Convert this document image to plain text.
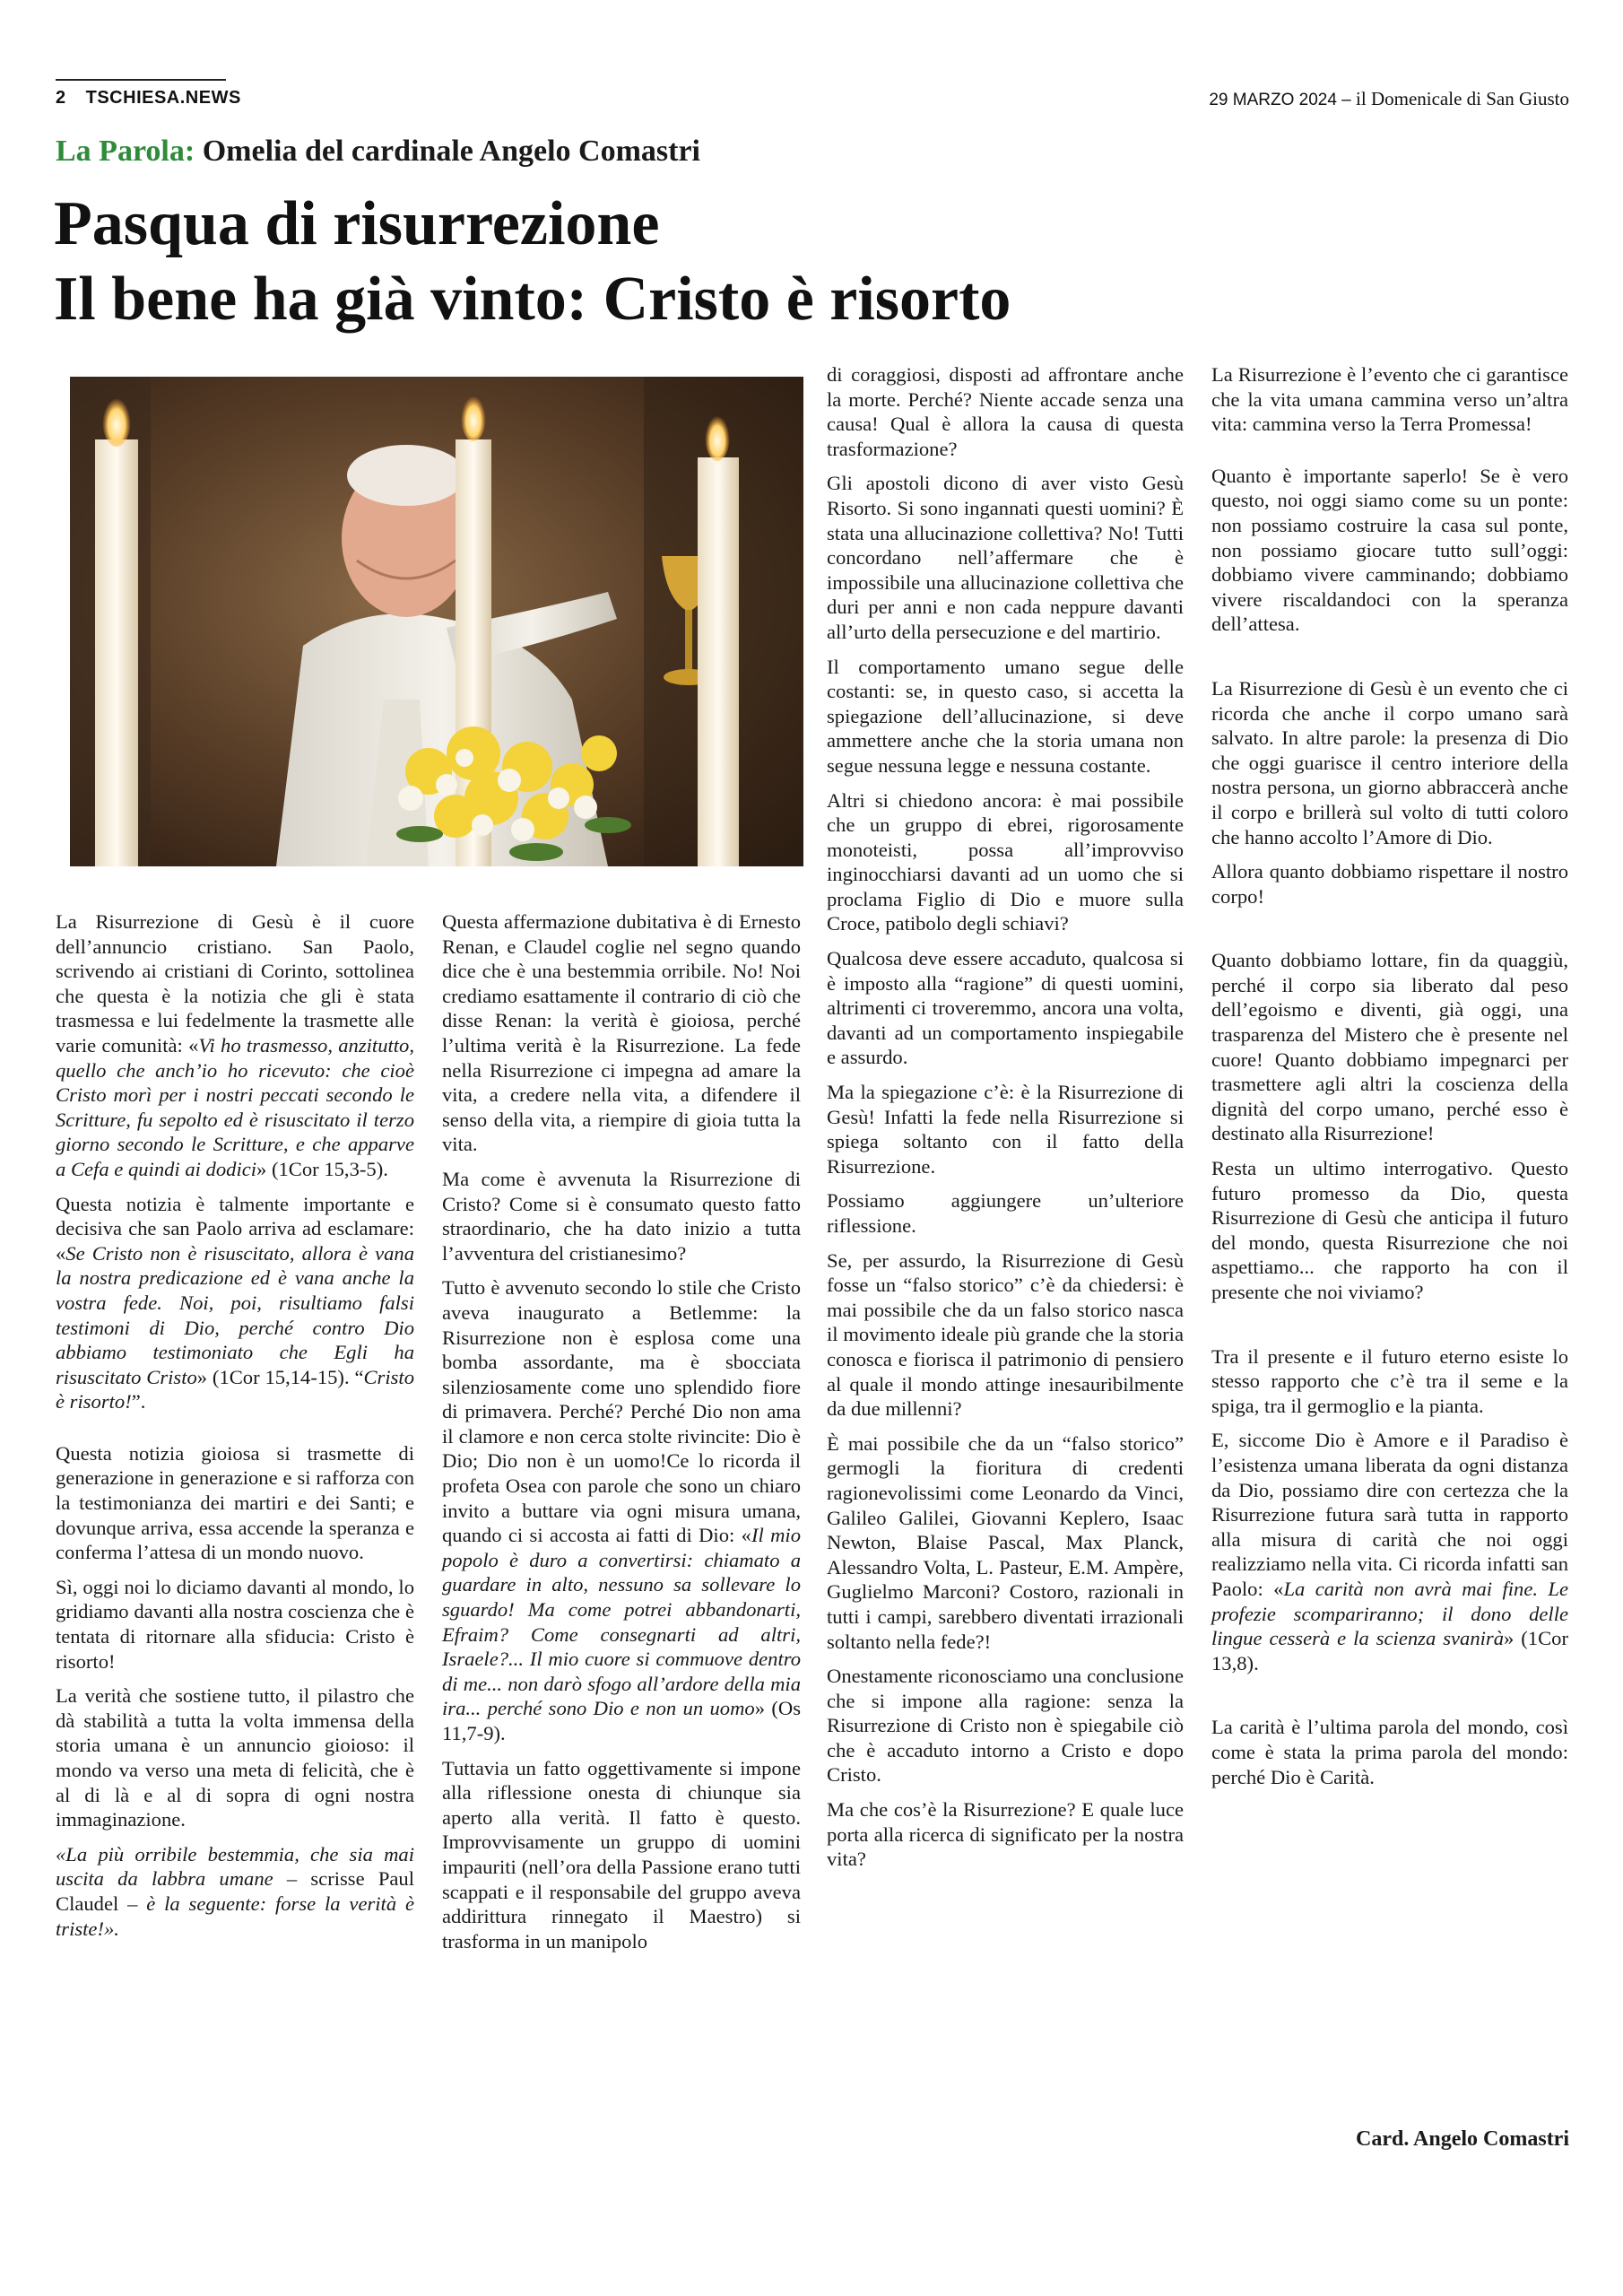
2 TSCHIESA.NEWS	29 MARZO 2024 – il Domenicale di San Giusto
La Parola: Omelia del cardinale Angelo Comastri
Pasqua di risurrezione
Il bene ha già vinto: Cristo è risorto

La Risurrezione di Gesù è il cuore dell’annuncio cristiano. San Paolo, scrivendo ai cristiani di Corinto, sottolinea che questa è la notizia che gli è stata trasmessa e lui fedelmente la trasmette alle varie comunità: «Vi ho trasmesso, anzitutto, quello che anch’io ho ricevuto: che cioè Cristo morì per i nostri peccati secondo le Scritture, fu sepolto ed è risuscitato il terzo giorno secondo le Scritture, e che apparve a Cefa e quindi ai dodici» (1Cor 15,3-5).

Questa notizia è talmente importante e decisiva che san Paolo arriva ad esclamare: «Se Cristo non è risuscitato, allora è vana la nostra predicazione ed è vana anche la vostra fede. Noi, poi, risultiamo falsi testimoni di Dio, perché contro Dio abbiamo testimoniato che Egli ha risuscitato Cristo» (1Cor 15,14-15). “Cristo è risorto!”.

Questa notizia gioiosa si trasmette di generazione in generazione e si rafforza con la testimonianza dei martiri e dei Santi; e dovunque arriva, essa accende la speranza e conferma l’attesa di un mondo nuovo.

Sì, oggi noi lo diciamo davanti al mondo, lo gridiamo davanti alla nostra coscienza che è tentata di ritornare alla sfiducia: Cristo è risorto!

La verità che sostiene tutto, il pilastro che dà stabilità a tutta la volta immensa della storia umana è un annuncio gioioso: il mondo va verso una meta di felicità, che è al di là e al di sopra di ogni nostra immaginazione.

«La più orribile bestemmia, che sia mai uscita da labbra umane – scrisse Paul Claudel – è la seguente: forse la verità è triste!».

Questa affermazione dubitativa è di Ernesto Renan, e Claudel coglie nel segno quando dice che è una bestemmia orribile. No! Noi crediamo esattamente il contrario di ciò che disse Renan: la verità è gioiosa, perché l’ultima verità è la Risurrezione. La fede nella Risurrezione ci impegna ad amare la vita, a credere nella vita, a difendere il senso della vita, a riempire di gioia tutta la vita.

Ma come è avvenuta la Risurrezione di Cristo? Come si è consumato questo fatto straordinario, che ha dato inizio a tutta l’avventura del cristianesimo?

Tutto è avvenuto secondo lo stile che Cristo aveva inaugurato a Betlemme: la Risurrezione non è esplosa come una bomba assordante, ma è sbocciata silenziosamente come uno splendido fiore di primavera. Perché? Perché Dio non ama il clamore e non cerca stolte rivincite: Dio è Dio; Dio non è un uomo!Ce lo ricorda il profeta Osea con parole che sono un chiaro invito a buttare via ogni misura umana, quando ci si accosta ai fatti di Dio: «Il mio popolo è duro a convertirsi: chiamato a guardare in alto, nessuno sa sollevare lo sguardo! Ma come potrei abbandonarti, Efraim? Come consegnarti ad altri, Israele?... Il mio cuore si commuove dentro di me... non darò sfogo all’ardore della mia ira... perché sono Dio e non un uomo» (Os 11,7-9).

Tuttavia un fatto oggettivamente si impone alla riflessione onesta di chiunque sia aperto alla verità. Il fatto è questo. Improvvisamente un gruppo di uomini impauriti (nell’ora della Passione erano tutti scappati e il responsabile del gruppo aveva addirittura rinnegato il Maestro) si trasforma in un manipolo

di coraggiosi, disposti ad affrontare anche la morte. Perché? Niente accade senza una causa! Qual è allora la causa di questa trasformazione?

Gli apostoli dicono di aver visto Gesù Risorto. Si sono ingannati questi uomini? È stata una allucinazione collettiva? No! Tutti concordano nell’affermare che è impossibile una allucinazione collettiva che duri per anni e non cada neppure davanti all’urto della persecuzione e del martirio.

Il comportamento umano segue delle costanti: se, in questo caso, si accetta la spiegazione dell’allucinazione, si deve ammettere anche che la storia umana non segue nessuna legge e nessuna costante.

Altri si chiedono ancora: è mai possibile che un gruppo di ebrei, rigorosamente monoteisti, possa all’improvviso inginocchiarsi davanti ad un uomo che si proclama Figlio di Dio e muore sulla Croce, patibolo degli schiavi?

Qualcosa deve essere accaduto, qualcosa si è imposto alla “ragione” di questi uomini, altrimenti ci troveremmo, ancora una volta, davanti ad un comportamento inspiegabile e assurdo.

Ma la spiegazione c’è: è la Risurrezione di Gesù! Infatti la fede nella Risurrezione si spiega soltanto con il fatto della Risurrezione.

Possiamo aggiungere un’ulteriore riflessione.

Se, per assurdo, la Risurrezione di Gesù fosse un “falso storico” c’è da chiedersi: è mai possibile che da un falso storico nasca il movimento ideale più grande che la storia conosca e fiorisca il patrimonio di pensiero al quale il mondo attinge inesauribilmente da due millenni?

È mai possibile che da un “falso storico” germogli la fioritura di credenti ragionevolissimi come Leonardo da Vinci, Galileo Galilei, Giovanni Keplero, Isaac Newton, Blaise Pascal, Max Planck, Alessandro Volta, L. Pasteur, E.M. Ampère, Guglielmo Marconi? Costoro, razionali in tutti i campi, sarebbero diventati irrazionali soltanto nella fede?!

Onestamente riconosciamo una conclusione che si impone alla ragione: senza la Risurrezione di Cristo non è spiegabile ciò che è accaduto intorno a Cristo e dopo Cristo.

Ma che cos’è la Risurrezione? E quale luce porta alla ricerca di significato per la nostra vita?

La Risurrezione è l’evento che ci garantisce che la vita umana cammina verso un’altra vita: cammina verso la Terra Promessa!

Quanto è importante saperlo! Se è vero questo, noi oggi siamo come su un ponte: non possiamo costruire la casa sul ponte, non possiamo giocare tutto sull’oggi: dobbiamo vivere camminando; dobbiamo vivere riscaldandoci con la speranza dell’attesa.

La Risurrezione di Gesù è un evento che ci ricorda che anche il corpo umano sarà salvato. In altre parole: la presenza di Dio che oggi guarisce il centro interiore della nostra persona, un giorno abbraccerà anche il corpo e brillerà sul volto di tutti coloro che hanno accolto l’Amore di Dio.

Allora quanto dobbiamo rispettare il nostro corpo!

Quanto dobbiamo lottare, fin da quaggiù, perché il corpo sia liberato dal peso dell’egoismo e diventi, già oggi, una trasparenza del Mistero che è presente nel cuore! Quanto dobbiamo impegnarci per trasmettere agli altri la coscienza della dignità del corpo umano, perché esso è destinato alla Risurrezione!

Resta un ultimo interrogativo. Questo futuro promesso da Dio, questa Risurrezione di Gesù che anticipa il futuro del mondo, questa Risurrezione che noi aspettiamo... che rapporto ha con il presente che noi viviamo?

Tra il presente e il futuro eterno esiste lo stesso rapporto che c’è tra il seme e la spiga, tra il germoglio e la pianta.

E, siccome Dio è Amore e il Paradiso è l’esistenza umana liberata da ogni distanza da Dio, possiamo dire con certezza che la Risurrezione futura sarà tutta in rapporto alla misura di carità che noi oggi realizziamo nella vita. Ci ricorda infatti san Paolo: «La carità non avrà mai fine. Le profezie scompariranno; il dono delle lingue cesserà e la scienza svanirà» (1Cor 13,8).

La carità è l’ultima parola del mondo, così come è stata la prima parola del mondo: perché Dio è Carità.

Card. Angelo Comastri
